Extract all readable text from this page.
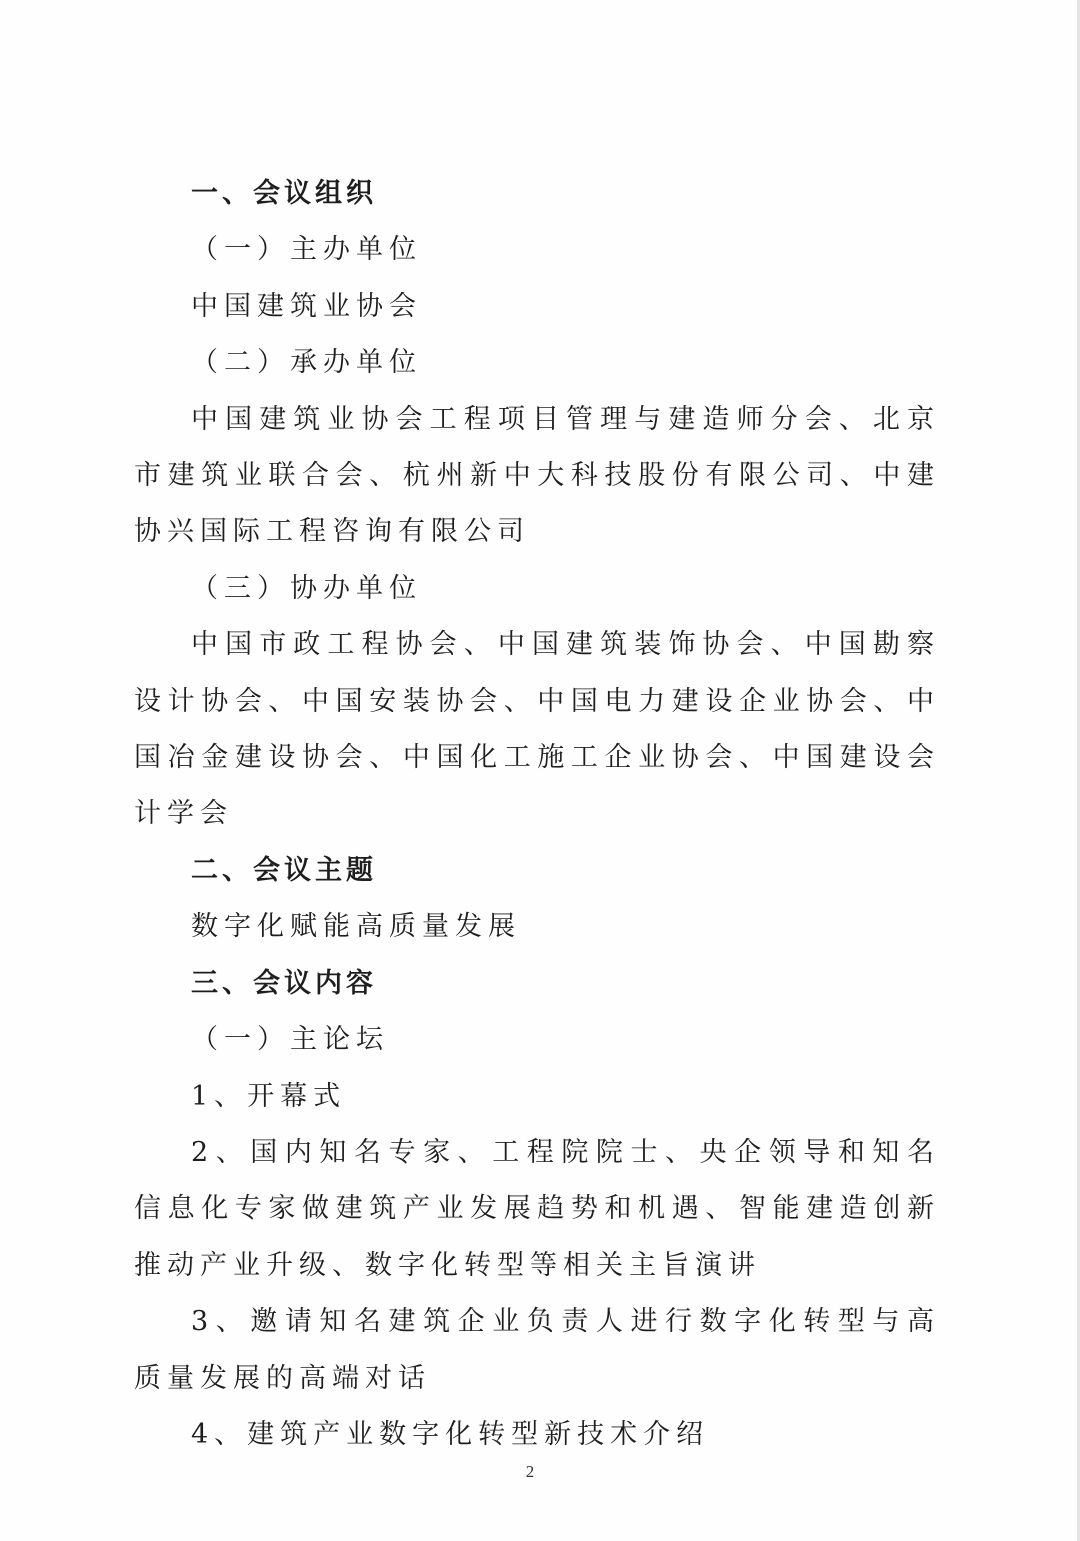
一、会议组织

（一）主办单位

中国建筑业协会

（二）承办单位

中国建筑业协会工程项目管理与建造师分会、北京市建筑业联合会、杭州新中大科技股份有限公司、中建协兴国际工程咨询有限公司

（三）协办单位

中国市政工程协会、中国建筑装饰协会、中国勘察设计协会、中国安装协会、中国电力建设企业协会、中国冶金建设协会、中国化工施工企业协会、中国建设会计学会

二、会议主题

数字化赋能高质量发展

三、会议内容

（一）主论坛

1、开幕式

2、国内知名专家、工程院院士、央企领导和知名信息化专家做建筑产业发展趋势和机遇、智能建造创新推动产业升级、数字化转型等相关主旨演讲

3、邀请知名建筑企业负责人进行数字化转型与高质量发展的高端对话

4、建筑产业数字化转型新技术介绍

2
